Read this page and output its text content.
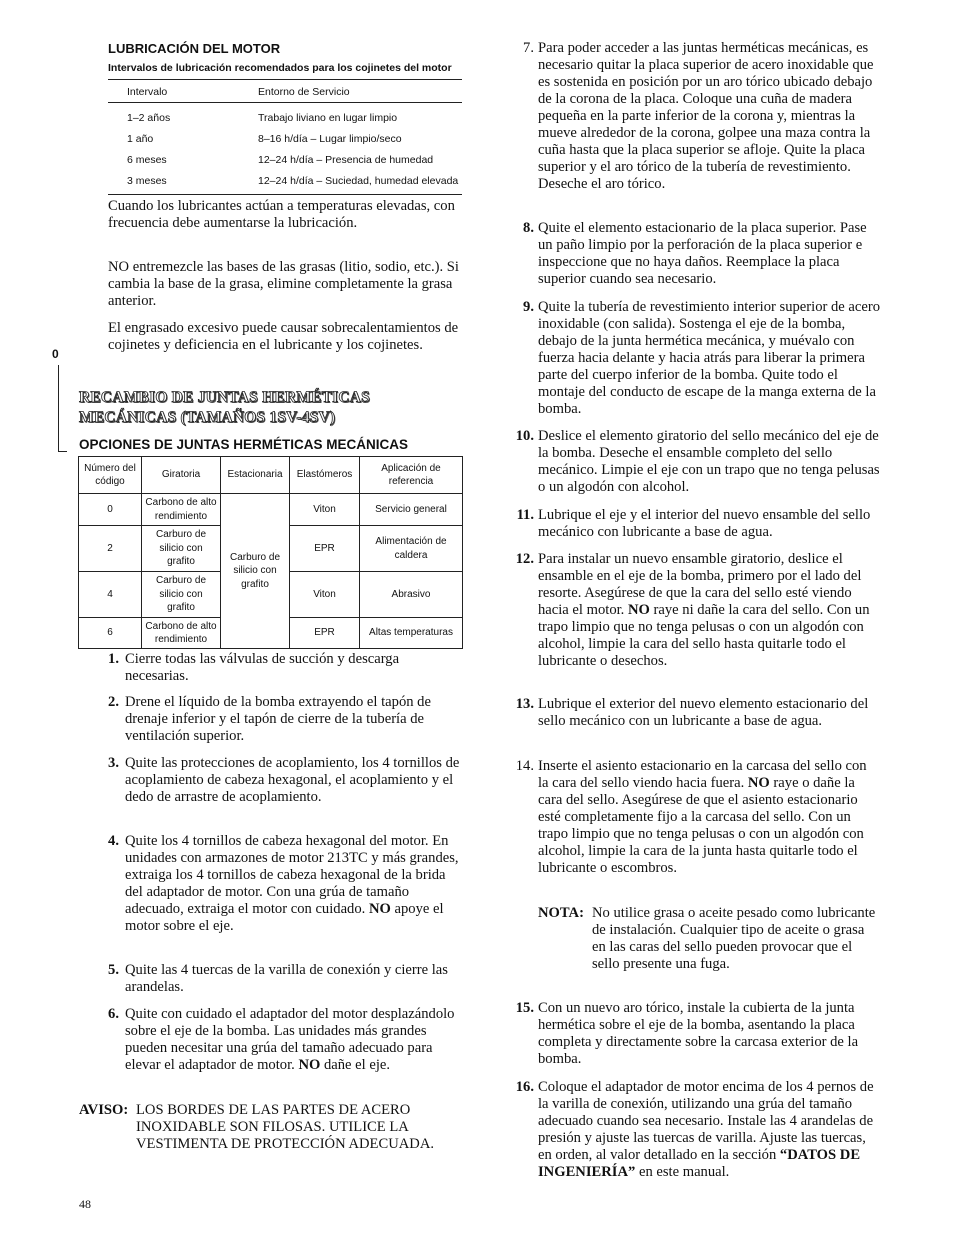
LUBRICACIÓN DEL MOTOR
Intervalos de lubricación recomendados para los cojinetes del motor
Intervalo	Entorno de Servicio
1–2 años	Trabajo liviano en lugar limpio
1 año	8–16 h/día – Lugar limpio/seco
6 meses	12–24 h/día – Presencia de humedad
3 meses	12–24 h/día – Suciedad, humedad elevada

Cuando los lubricantes actúan a temperaturas elevadas, con frecuencia debe aumentarse la lubricación.

NO entremezcle las bases de las grasas (litio, sodio, etc.). Si cambia la base de la grasa, elimine completamente la grasa anterior.

El engrasado excesivo puede causar sobrecalentamientos de cojinetes y deficiencia en el lubricante y los cojinetes.

0
RECAMBIO DE JUNTAS HERMÉTICAS
MECÁNICAS (TAMAÑOS 1SV-4SV)
OPCIONES DE JUNTAS HERMÉTICAS MECÁNICAS
Número del código	Giratoria	Estacionaria	Elastómeros	Aplicación de referencia
0	Carbono de alto rendimiento	Carburo de silicio con grafito	Viton	Servicio general
2	Carburo de silicio con grafito		EPR	Alimentación de caldera
4	Carburo de silicio con grafito		Viton	Abrasivo
6	Carbono de alto rendimiento		EPR	Altas temperaturas
1. Cierre todas las válvulas de succión y descarga necesarias.

2. Drene el líquido de la bomba extrayendo el tapón de drenaje inferior y el tapón de cierre de la tubería de ventilación superior.

3. Quite las protecciones de acoplamiento, los 4 tornillos de acoplamiento de cabeza hexagonal, el acoplamiento y el dedo de arrastre de acoplamiento.

4. Quite los 4 tornillos de cabeza hexagonal del motor. En unidades con armazones de motor 213TC y más grandes, extraiga los 4 tornillos de cabeza hexagonal de la brida del adaptador de motor. Con una grúa de tamaño adecuado, extraiga el motor con cuidado. NO apoye el motor sobre el eje.

5. Quite las 4 tuercas de la varilla de conexión y cierre las arandelas.

6. Quite con cuidado el adaptador del motor desplazándolo sobre el eje de la bomba. Las unidades más grandes pueden necesitar una grúa del tamaño adecuado para elevar el adaptador de motor. NO dañe el eje.

AVISO: LOS BORDES DE LAS PARTES DE ACERO INOXIDABLE SON FILOSAS. UTILICE LA VESTIMENTA DE PROTECCIÓN ADECUADA.

48
7. Para poder acceder a las juntas herméticas mecánicas, es necesario quitar la placa superior de acero inoxidable que es sostenida en posición por un aro tórico ubicado debajo de la corona de la placa. Coloque una cuña de madera pequeña en la parte inferior de la corona y, mientras la mueve alrededor de la corona, golpee una maza contra la cuña hasta que la placa superior se afloje. Quite la placa superior y el aro tórico de la tubería de revestimiento. Deseche el aro tórico.

8. Quite el elemento estacionario de la placa superior. Pase un paño limpio por la perforación de la placa superior e inspeccione que no haya daños. Reemplace la placa superior cuando sea necesario.

9. Quite la tubería de revestimiento interior superior de acero inoxidable (con salida). Sostenga el eje de la bomba, debajo de la junta hermética mecánica, y muévalo con fuerza hacia delante y hacia atrás para liberar la primera parte del cuerpo inferior de la bomba. Quite todo el montaje del conducto de escape de la manga externa de la bomba.

10. Deslice el elemento giratorio del sello mecánico del eje de la bomba. Deseche el ensamble completo del sello mecánico. Limpie el eje con un trapo que no tenga pelusas o un algodón con alcohol.

11. Lubrique el eje y el interior del nuevo ensamble del sello mecánico con lubricante a base de agua.

12. Para instalar un nuevo ensamble giratorio, deslice el ensamble en el eje de la bomba, primero por el lado del resorte. Asegúrese de que la cara del sello esté viendo hacia el motor. NO raye ni dañe la cara del sello. Con un trapo limpio que no tenga pelusas o con un algodón con alcohol, limpie la cara del sello hasta quitarle todo el lubricante o desechos.

13. Lubrique el exterior del nuevo elemento estacionario del sello mecánico con un lubricante a base de agua.

14. Inserte el asiento estacionario en la carcasa del sello con la cara del sello viendo hacia fuera. NO raye o dañe la cara del sello. Asegúrese de que el asiento estacionario esté completamente fijo a la carcasa del sello. Con un trapo limpio que no tenga pelusas o con un algodón con alcohol, limpie la cara de la junta hasta quitarle todo el lubricante o escombros.

15. Con un nuevo aro tórico, instale la cubierta de la junta hermética sobre el eje de la bomba, asentando la placa completa y directamente sobre la carcasa exterior de la bomba.

16. Coloque el adaptador de motor encima de los 4 pernos de la varilla de conexión, utilizando una grúa del tamaño adecuado cuando sea necesario. Instale las 4 arandelas de presión y ajuste las tuercas de varilla. Ajuste las tuercas, en orden, al valor detallado en la sección “DATOS DE INGENIERÍA” en este manual.

NOTA: No utilice grasa o aceite pesado como lubricante de instalación. Cualquier tipo de aceite o grasa en las caras del sello pueden provocar que el sello presente una fuga.
